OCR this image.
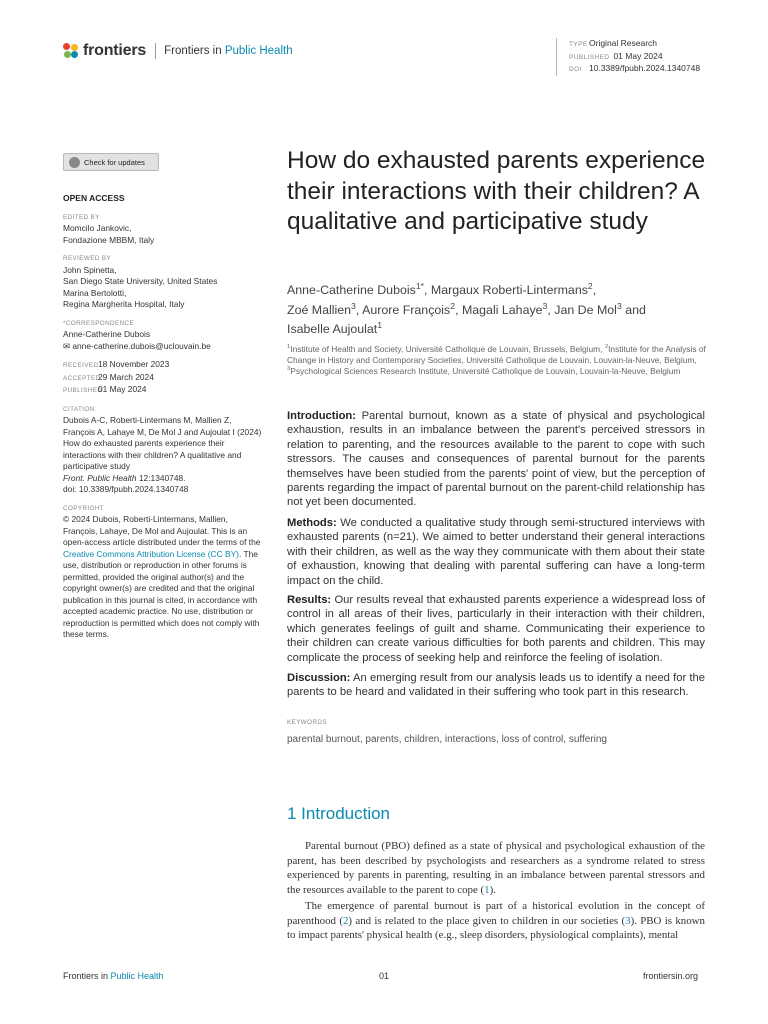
frontiers Frontiers in Public Health
TYPEOriginal Research
PUBLISHED 01 May 2024
DOI 10.3389/fpubh.2024.1340748
Check for updates
OPEN ACCESS
EDITED BY
Momcilo Jankovic,
Fondazione MBBM, Italy
REVIEWED BY
John Spinetta,
San Diego State University, United States
Marina Bertolotti,
Regina Margherita Hospital, Italy
*CORRESPONDENCE
Anne-Catherine Dubois
✉ anne-catherine.dubois@uclouvain.be
RECEIVED18 November 2023
ACCEPTED29 March 2024
PUBLISHED01 May 2024
CITATION
Dubois A-C, Roberti-Lintermans M, Mallien Z, François A, Lahaye M, De Mol J and Aujoulat I (2024) How do exhausted parents experience their interactions with their children? A qualitative and participative study
Front. Public Health 12:1340748.
doi: 10.3389/fpubh.2024.1340748
COPYRIGHT
© 2024 Dubois, Roberti-Lintermans, Mallien, François, Lahaye, De Mol and Aujoulat. This is an open-access article distributed under the terms of the Creative Commons Attribution License (CC BY). The use, distribution or reproduction in other forums is permitted, provided the original author(s) and the copyright owner(s) are credited and that the original publication in this journal is cited, in accordance with accepted academic practice. No use, distribution or reproduction is permitted which does not comply with these terms.
How do exhausted parents experience their interactions with their children? A qualitative and participative study
Anne-Catherine Dubois$^{1*}$, Margaux Roberti-Lintermans$^2$,
Zoé Mallien$^3$, Aurore François$^2$, Magali Lahaye$^3$, Jan De Mol$^3$ and
Isabelle Aujoulat$^1$
$^1$Institute of Health and Society, Université Catholique de Louvain, Brussels, Belgium, $^2$Institute for the Analysis of Change in History and Contemporary Societies, Université Catholique de Louvain, Louvain-la-Neuve, Belgium, $^3$Psychological Sciences Research Institute, Université Catholique de Louvain, Louvain-la-Neuve, Belgium
Introduction: Parental burnout, known as a state of physical and psychological exhaustion, results in an imbalance between the parent's perceived stressors in relation to parenting, and the resources available to the parent to cope with such stressors. The causes and consequences of parental burnout for the parents themselves have been studied from the parents' point of view, but the perception of parents regarding the impact of parental burnout on the parent-child relationship has not yet been documented.
Methods: We conducted a qualitative study through semi-structured interviews with exhausted parents (n=21). We aimed to better understand their general interactions with their children, as well as the way they communicate with them about their state of exhaustion, knowing that dealing with parental suffering can have a long-term impact on the child.
Results: Our results reveal that exhausted parents experience a widespread loss of control in all areas of their lives, particularly in their interaction with their children, which generates feelings of guilt and shame. Communicating their experience to their children can create various difficulties for both parents and children. This may complicate the process of seeking help and reinforce the feeling of isolation.
Discussion: An emerging result from our analysis leads us to identify a need for the parents to be heard and validated in their suffering who took part in this research.
KEYWORDS
parental burnout, parents, children, interactions, loss of control, suffering
1 Introduction
Parental burnout (PBO) defined as a state of physical and psychological exhaustion of the parent, has been described by psychologists and researchers as a syndrome related to stress experienced by parents in parenting, resulting in an imbalance between parental stressors and the resources available to the parent to cope (1).
The emergence of parental burnout is part of a historical evolution in the concept of parenthood (2) and is related to the place given to children in our societies (3). PBO is known to impact parents' physical health (e.g., sleep disorders, physiological complaints), mental
Frontiers in Public Health	01	frontiersin.org
